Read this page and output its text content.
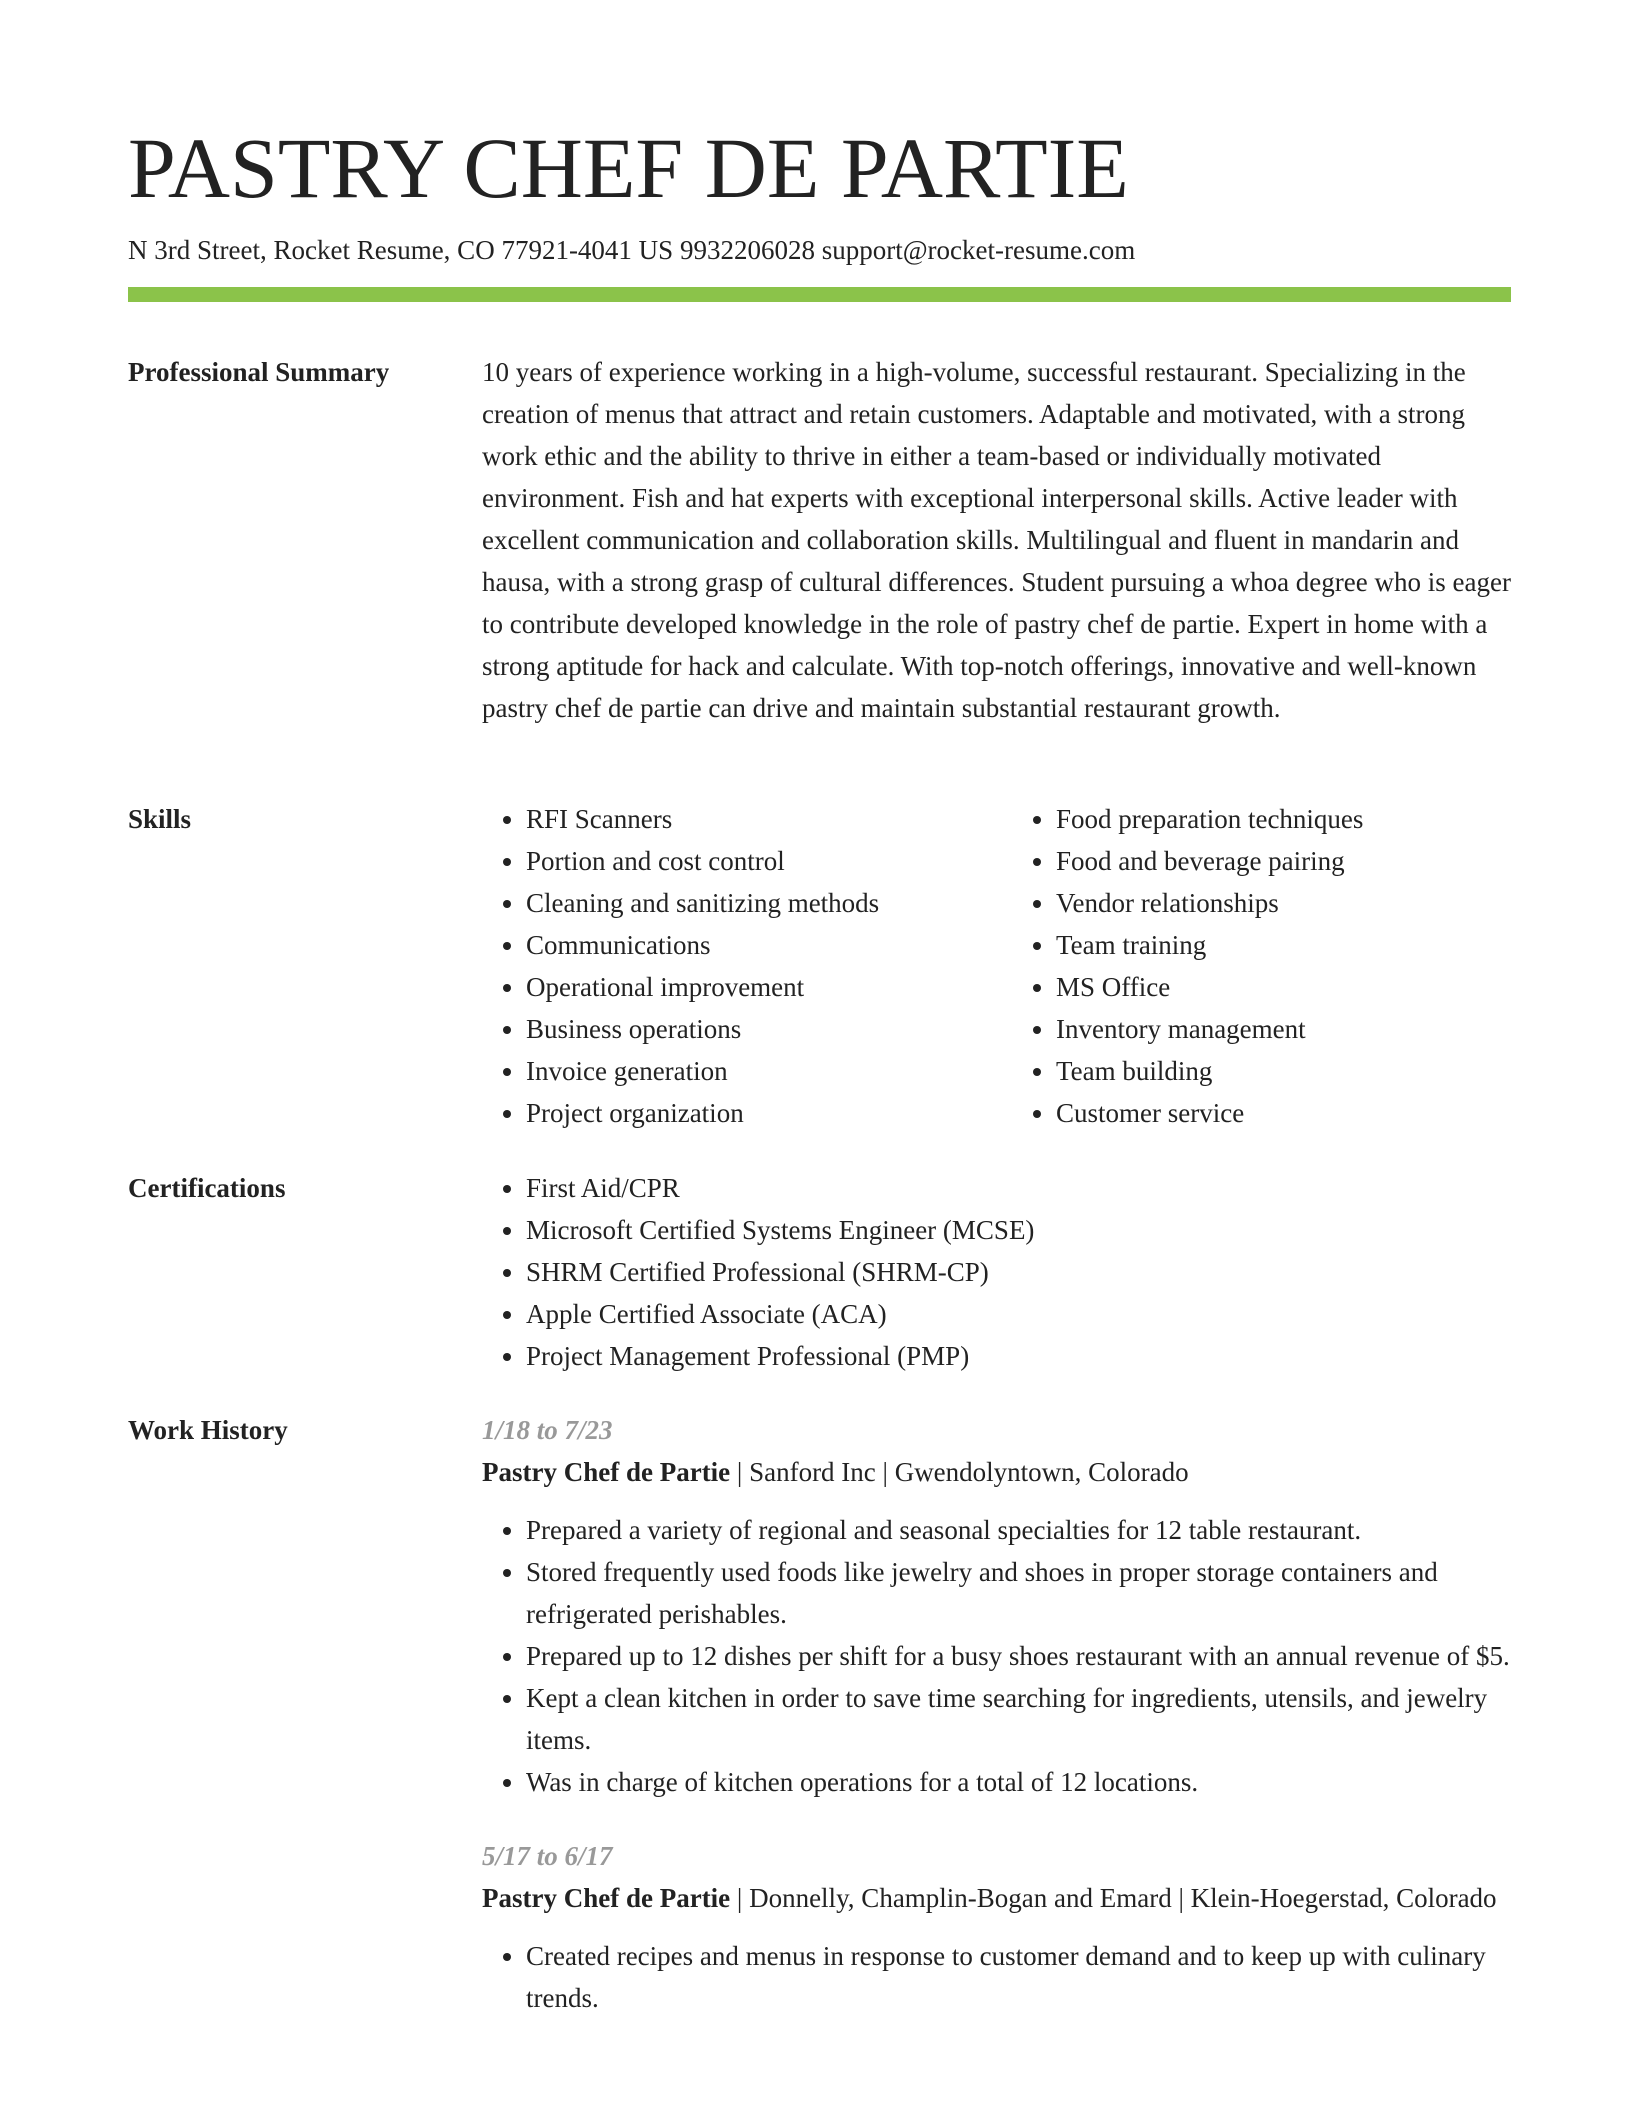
PASTRY CHEF DE PARTIE
N 3rd Street, Rocket Resume, CO 77921-4041 US 9932206028 support@rocket-resume.com
Professional Summary	10 years of experience working in a high-volume, successful restaurant. Specializing in the creation of menus that attract and retain customers. Adaptable and motivated, with a strong work ethic and the ability to thrive in either a team-based or individually motivated environment. Fish and hat experts with exceptional interpersonal skills. Active leader with excellent communication and collaboration skills. Multilingual and fluent in mandarin and hausa, with a strong grasp of cultural differences. Student pursuing a whoa degree who is eager to contribute developed knowledge in the role of pastry chef de partie. Expert in home with a strong aptitude for hack and calculate. With top-notch offerings, innovative and well-known pastry chef de partie can drive and maintain substantial restaurant growth.

Skills	• RFI Scanners
• Portion and cost control
• Cleaning and sanitizing methods
• Communications
• Operational improvement
• Business operations
• Invoice generation
• Project organization
• Food preparation techniques
• Food and beverage pairing
• Vendor relationships
• Team training
• MS Office
• Inventory management
• Team building
• Customer service
Certifications	• First Aid/CPR
• Microsoft Certified Systems Engineer (MCSE)
• SHRM Certified Professional (SHRM-CP)
• Apple Certified Associate (ACA)
• Project Management Professional (PMP)
Work History	1/18 to 7/23

Pastry Chef de Partie | Sanford Inc | Gwendolyntown, Colorado

• Prepared a variety of regional and seasonal specialties for 12 table restaurant.
• Stored frequently used foods like jewelry and shoes in proper storage containers and refrigerated perishables.
• Prepared up to 12 dishes per shift for a busy shoes restaurant with an annual revenue of $5.
• Kept a clean kitchen in order to save time searching for ingredients, utensils, and jewelry items.
• Was in charge of kitchen operations for a total of 12 locations.

5/17 to 6/17

Pastry Chef de Partie | Donnelly, Champlin-Bogan and Emard | Klein-Hoegerstad, Colorado

• Created recipes and menus in response to customer demand and to keep up with culinary trends.
